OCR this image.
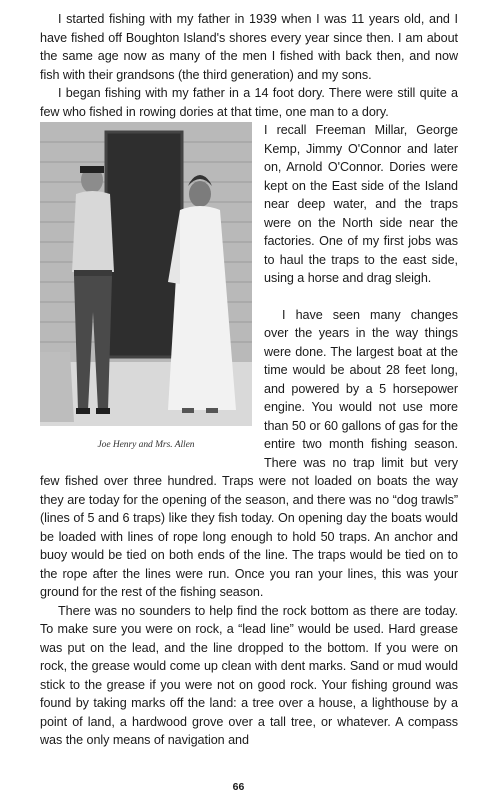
I started fishing with my father in 1939 when I was 11 years old, and I have fished off Boughton Island's shores every year since then. I am about the same age now as many of the men I fished with back then, and now fish with their grandsons (the third generation) and my sons.

I began fishing with my father in a 14 foot dory. There were still quite a few who fished in rowing dories at that time, one man to a dory.

Joe Henry and Mrs. Allen

I recall Freeman Millar, George Kemp, Jimmy O'Connor and later on, Arnold O'Connor. Dories were kept on the East side of the Island near deep water, and the traps were on the North side near the factories. One of my first jobs was to haul the traps to the east side, using a horse and drag sleigh.

I have seen many changes over the years in the way things were done. The largest boat at the time would be about 28 feet long, and powered by a 5 horsepower engine. You would not use more than 50 or 60 gallons of gas for the entire two month fishing season. There was no trap limit but very few fished over three hundred. Traps were not loaded on boats the way they are today for the opening of the season, and there was no “dog trawls” (lines of 5 and 6 traps) like they fish today. On opening day the boats would be loaded with lines of rope long enough to hold 50 traps. An anchor and buoy would be tied on both ends of the line. The traps would be tied on to the rope after the lines were run. Once you ran your lines, this was your ground for the rest of the fishing season.

There was no sounders to help find the rock bottom as there are today. To make sure you were on rock, a “lead line” would be used. Hard grease was put on the lead, and the line dropped to the bottom. If you were on rock, the grease would come up clean with dent marks. Sand or mud would stick to the grease if you were not on good rock. Your fishing ground was found by taking marks off the land: a tree over a house, a lighthouse by a point of land, a hardwood grove over a tall tree, or whatever. A compass was the only means of navigation and

66
